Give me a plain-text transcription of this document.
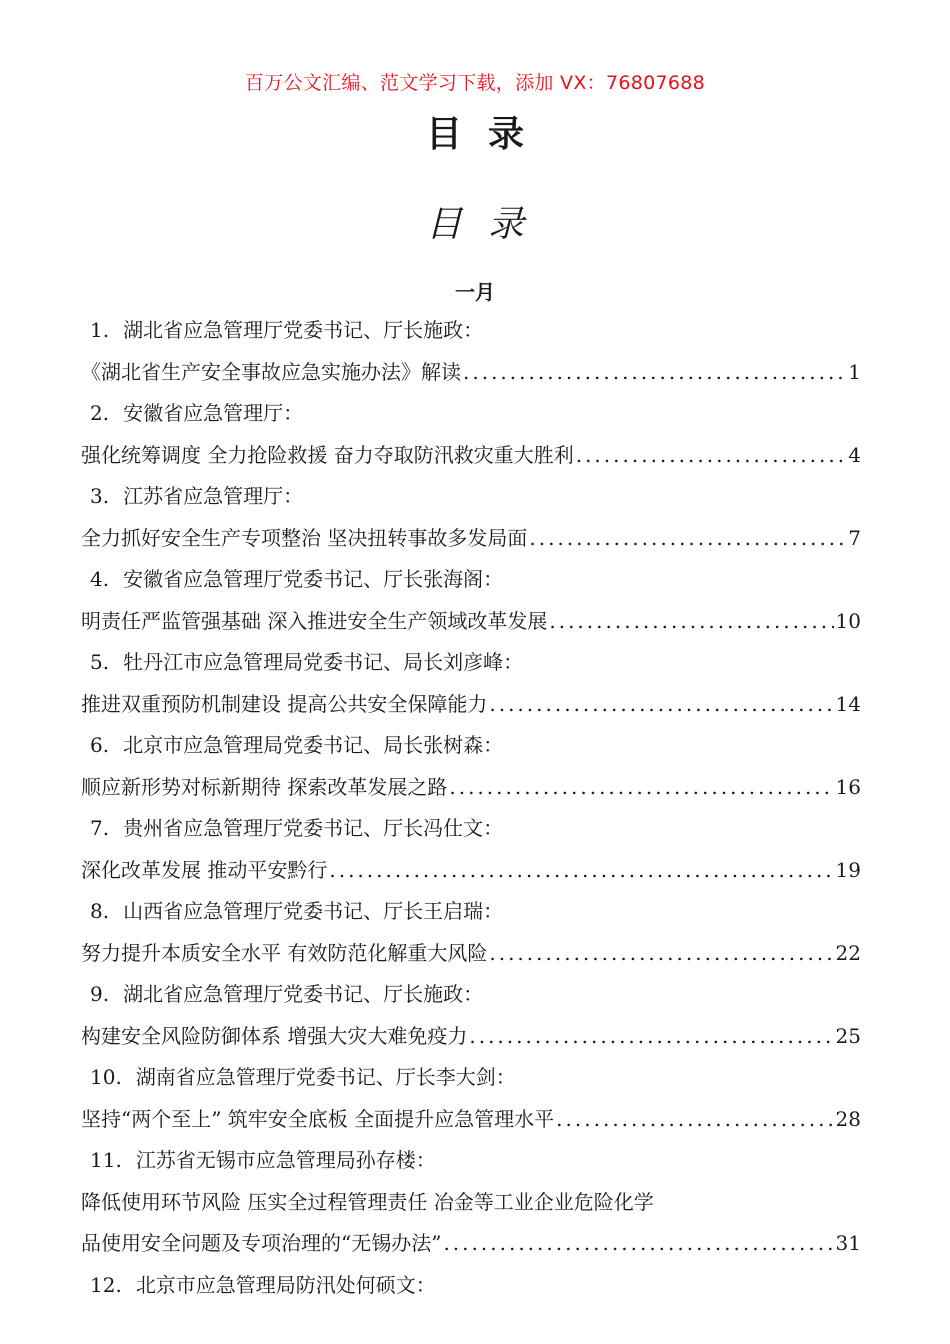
百万公文汇编、范文学习下载，添加 VX：76807688
目录
目录
一月
1. 湖北省应急管理厅党委书记、厅长施政：
《湖北省生产安全事故应急实施办法》解读 .....	1
2. 安徽省应急管理厅：
强化统筹调度 全力抢险救援 奋力夺取防汛救灾重大胜利 .....	4
3. 江苏省应急管理厅：
全力抓好安全生产专项整治 坚决扭转事故多发局面 .....	7
4. 安徽省应急管理厅党委书记、厅长张海阁：
明责任严监管强基础 深入推进安全生产领域改革发展 .....	10
5. 牡丹江市应急管理局党委书记、局长刘彦峰：
推进双重预防机制建设 提高公共安全保障能力 .....	14
6. 北京市应急管理局党委书记、局长张树森：
顺应新形势对标新期待 探索改革发展之路 .....	16
7. 贵州省应急管理厅党委书记、厅长冯仕文：
深化改革发展 推动平安黔行 .....	19
8. 山西省应急管理厅党委书记、厅长王启瑞：
努力提升本质安全水平 有效防范化解重大风险 .....	22
9. 湖北省应急管理厅党委书记、厅长施政：
构建安全风险防御体系 增强大灾大难免疫力 .....	25
10. 湖南省应急管理厅党委书记、厅长李大剑：
坚持“两个至上” 筑牢安全底板 全面提升应急管理水平 .....	28
11. 江苏省无锡市应急管理局孙存楼：
降低使用环节风险 压实全过程管理责任 冶金等工业企业危险化学
品使用安全问题及专项治理的“无锡办法” .....	31
12. 北京市应急管理局防汛处何硕文：
